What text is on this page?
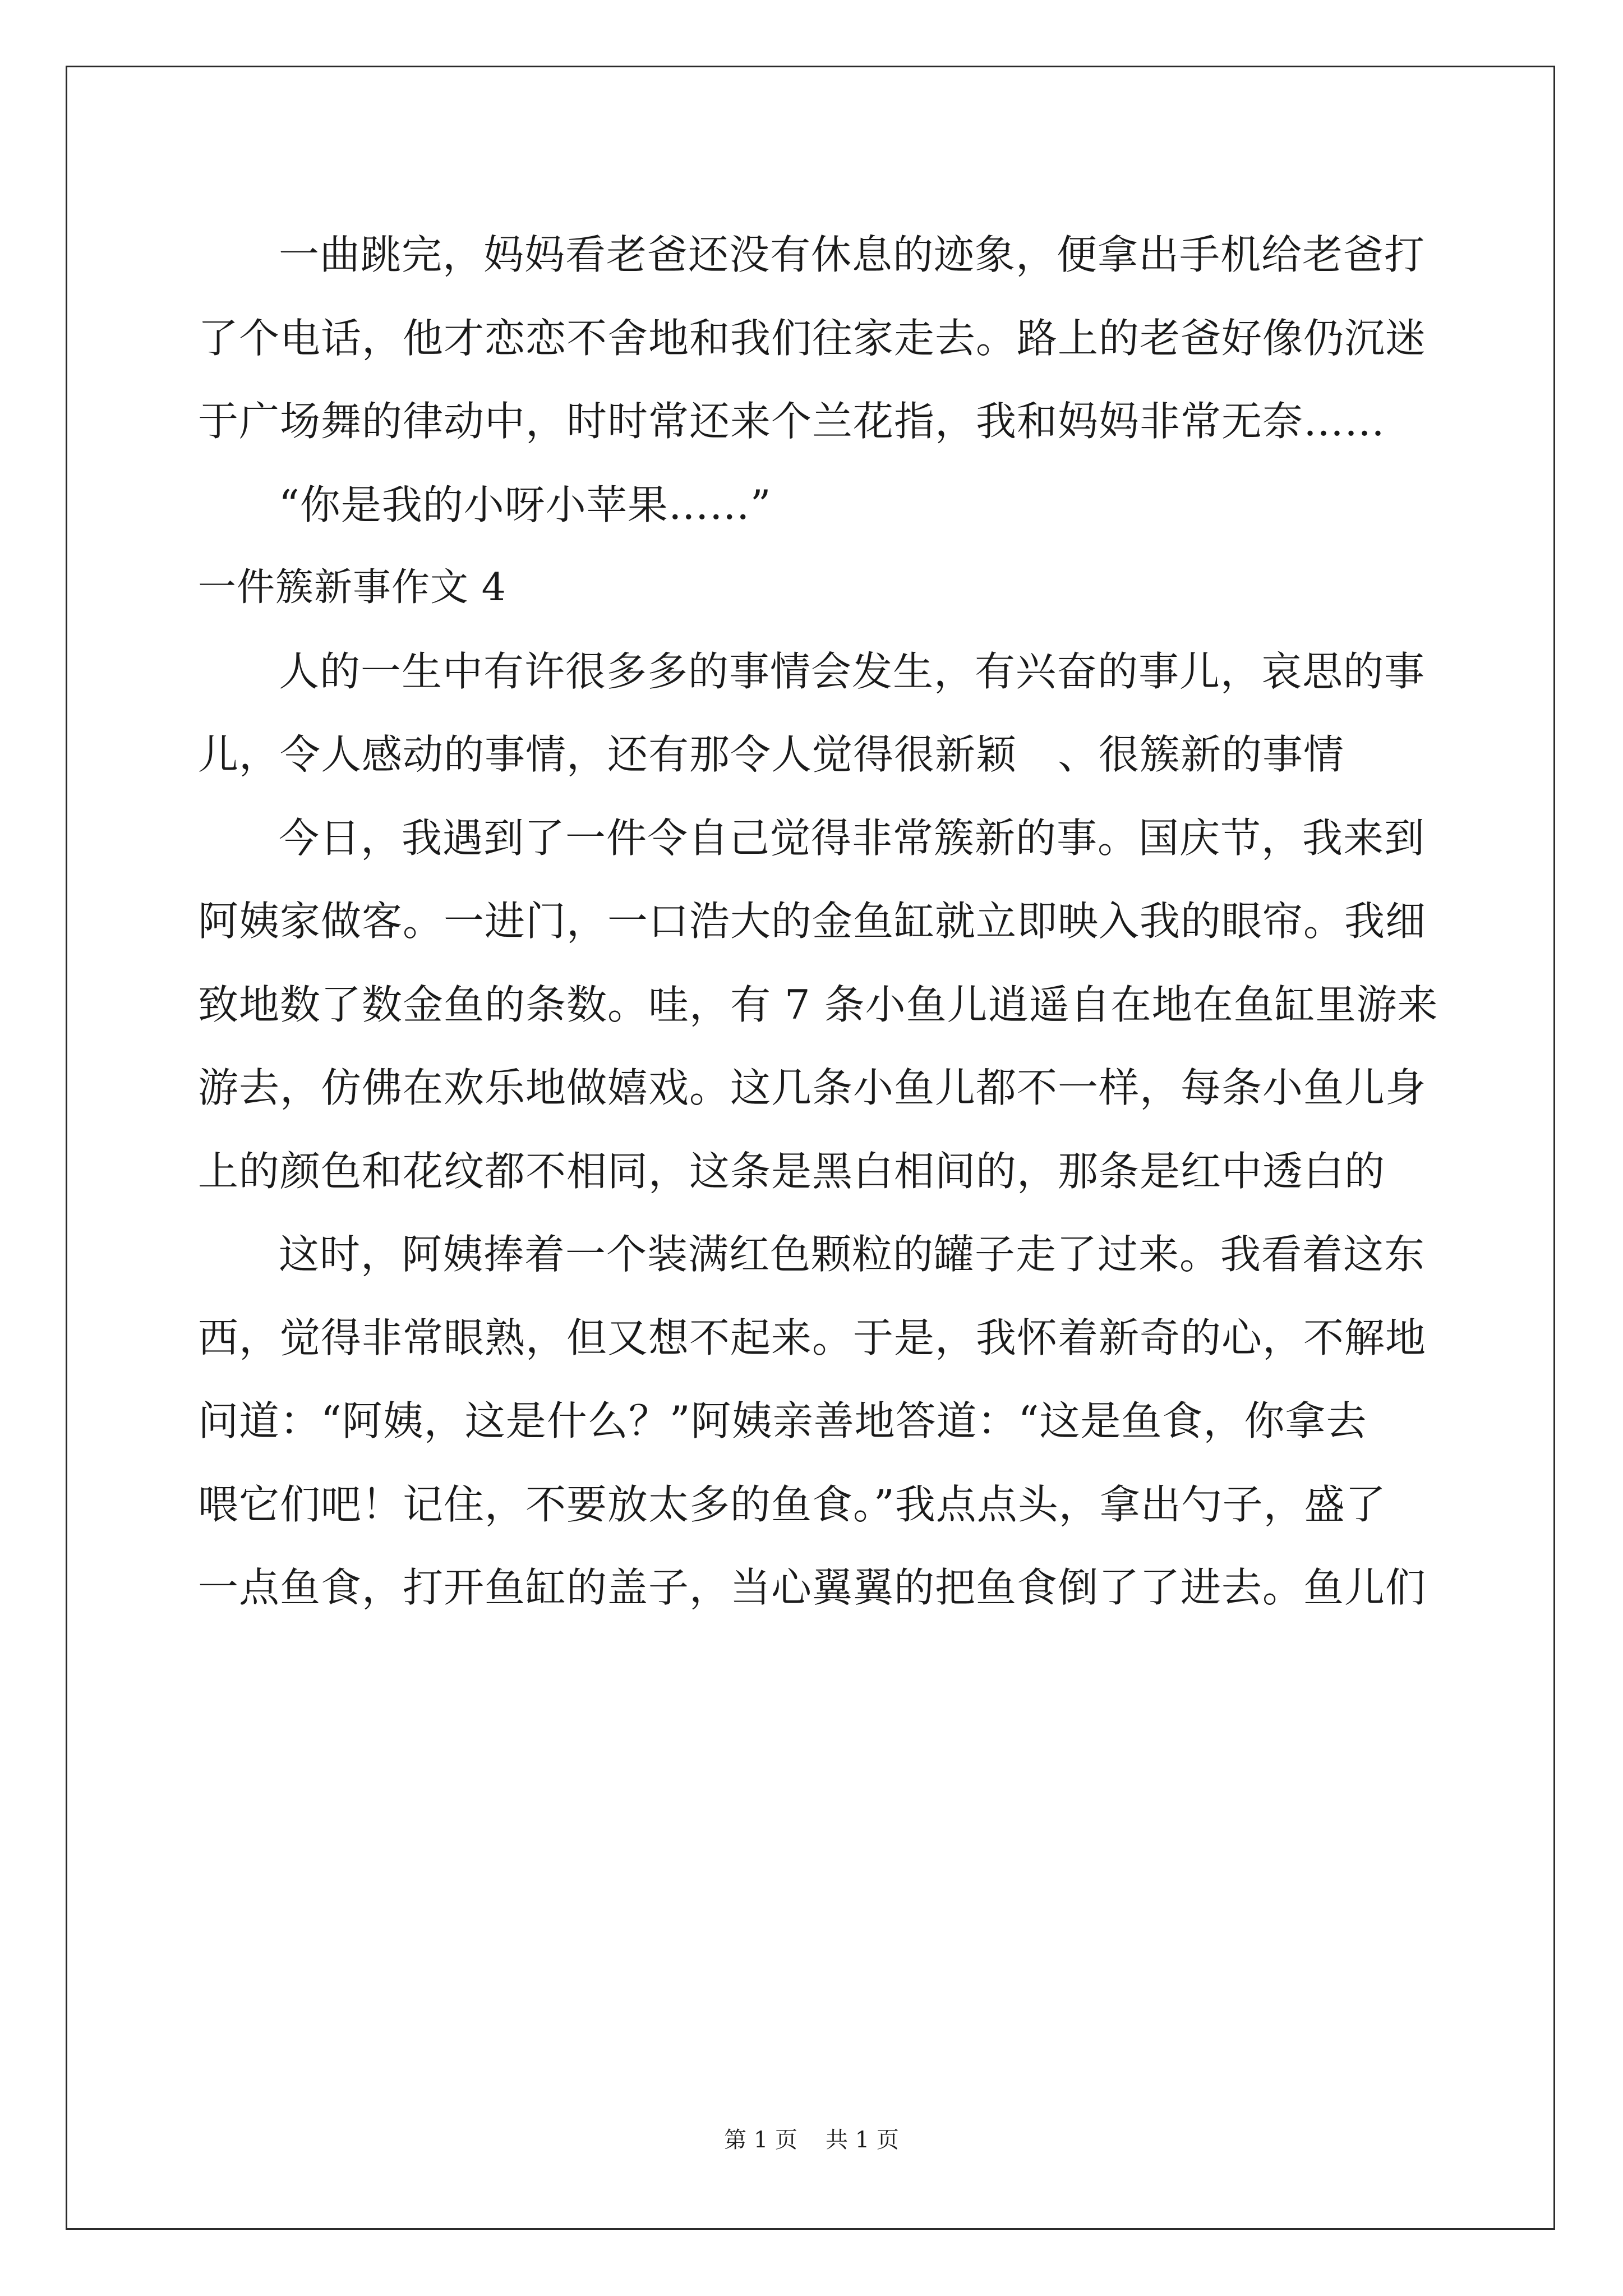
一曲跳完，妈妈看老爸还没有休息的迹象，便拿出手机给老爸打
了个电话，他才恋恋不舍地和我们往家走去。路上的老爸好像仍沉迷
于广场舞的律动中，时时常还来个兰花指，我和妈妈非常无奈……
“你是我的小呀小苹果……”
一件簇新事作文 4
人的一生中有许很多多的事情会发生，有兴奋的事儿，哀思的事
儿，令人感动的事情，还有那令人觉得很新颖　、很簇新的事情
今日，我遇到了一件令自己觉得非常簇新的事。国庆节，我来到
阿姨家做客。一进门，一口浩大的金鱼缸就立即映入我的眼帘。我细
致地数了数金鱼的条数。哇，有 7 条小鱼儿逍遥自在地在鱼缸里游来
游去，仿佛在欢乐地做嬉戏。这几条小鱼儿都不一样，每条小鱼儿身
上的颜色和花纹都不相同，这条是黑白相间的，那条是红中透白的
这时，阿姨捧着一个装满红色颗粒的罐子走了过来。我看着这东
西，觉得非常眼熟，但又想不起来。于是，我怀着新奇的心，不解地
问道：“阿姨，这是什么？”阿姨亲善地答道：“这是鱼食，你拿去
喂它们吧！记住，不要放太多的鱼食。”我点点头，拿出勺子，盛了
一点鱼食，打开鱼缸的盖子，当心翼翼的把鱼食倒了了进去。鱼儿们
第 1 页 共 1 页
